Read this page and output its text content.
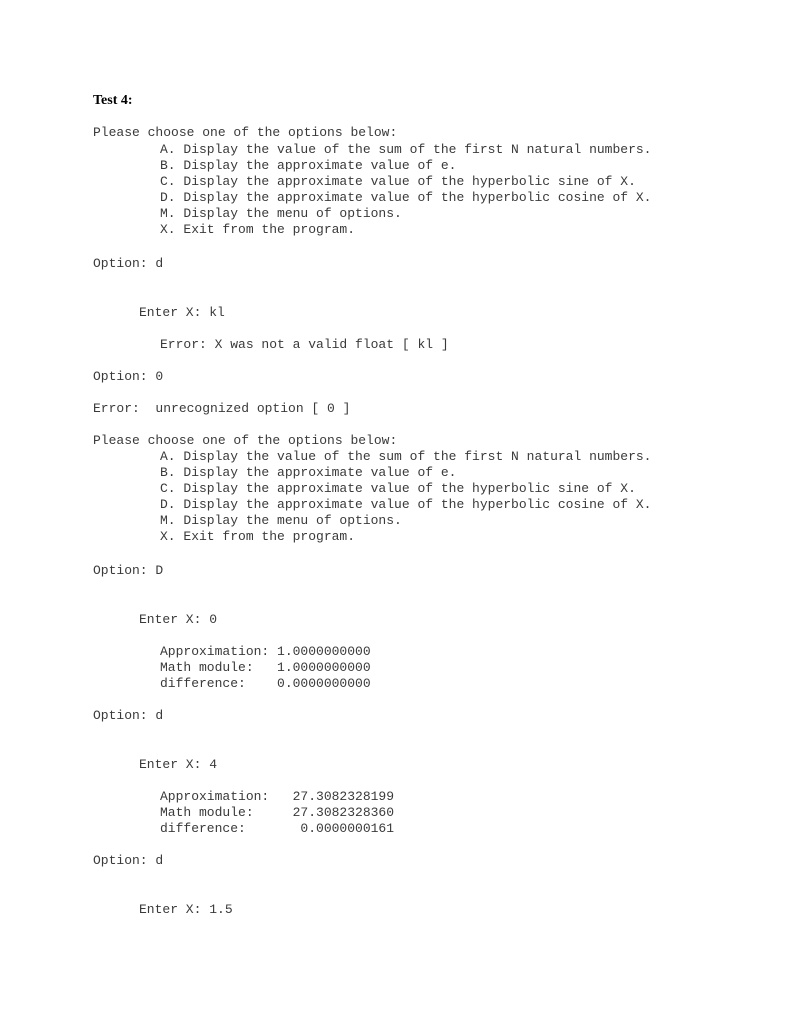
Test 4:
Please choose one of the options below:
A. Display the value of the sum of the first N natural numbers.
B. Display the approximate value of e.
C. Display the approximate value of the hyperbolic sine of X.
D. Display the approximate value of the hyperbolic cosine of X.
M. Display the menu of options.
X. Exit from the program.
Option: d
Enter X: kl
Error: X was not a valid float [ kl ]
Option: 0
Error:  unrecognized option [ 0 ]
Please choose one of the options below:
A. Display the value of the sum of the first N natural numbers.
B. Display the approximate value of e.
C. Display the approximate value of the hyperbolic sine of X.
D. Display the approximate value of the hyperbolic cosine of X.
M. Display the menu of options.
X. Exit from the program.
Option: D
Enter X: 0
Approximation: 1.0000000000
Math module:   1.0000000000
difference:    0.0000000000
Option: d
Enter X: 4
Approximation:   27.3082328199
Math module:     27.3082328360
difference:       0.0000000161
Option: d
Enter X: 1.5
